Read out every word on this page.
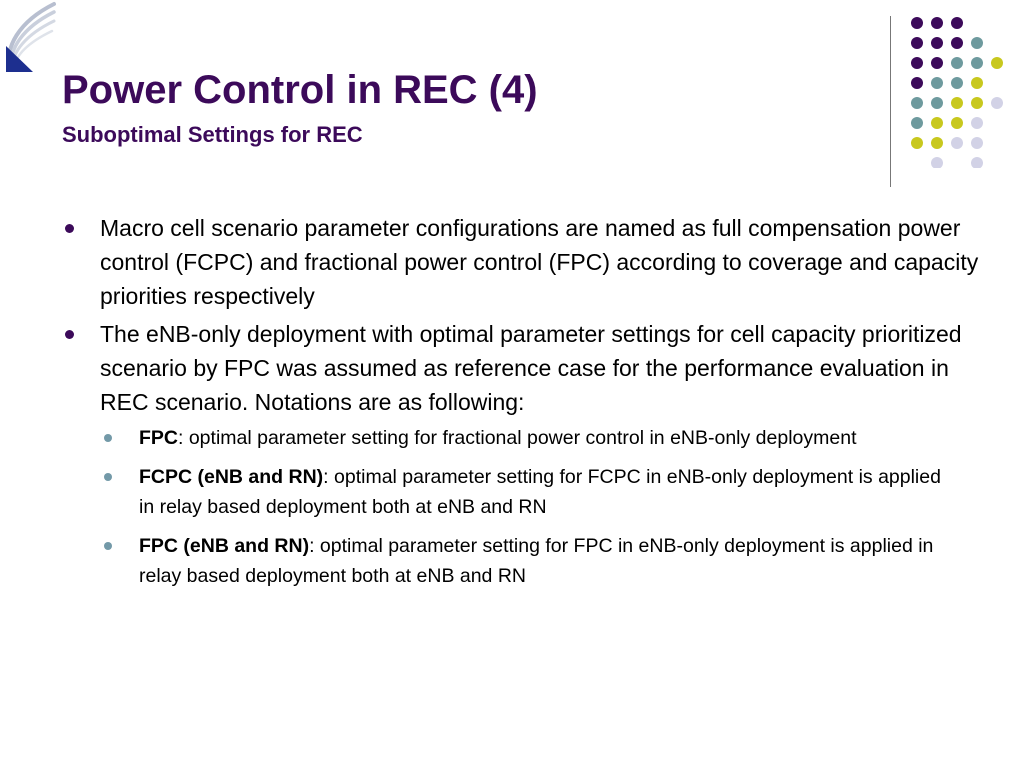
Power Control in REC (4)
Suboptimal Settings for REC
Macro cell scenario parameter configurations are named as full compensation power control (FCPC) and fractional power control (FPC) according to coverage and capacity priorities respectively
The eNB-only deployment with optimal parameter settings for cell capacity prioritized scenario by FPC was assumed as reference case for the performance evaluation in REC scenario. Notations are as following:
FPC: optimal parameter setting for fractional power control in eNB-only deployment
FCPC (eNB and RN): optimal parameter setting for FCPC in eNB-only deployment is applied in relay based deployment both at eNB and RN
FPC (eNB and RN): optimal parameter setting for FPC in eNB-only deployment is applied in relay based deployment both at eNB and RN
